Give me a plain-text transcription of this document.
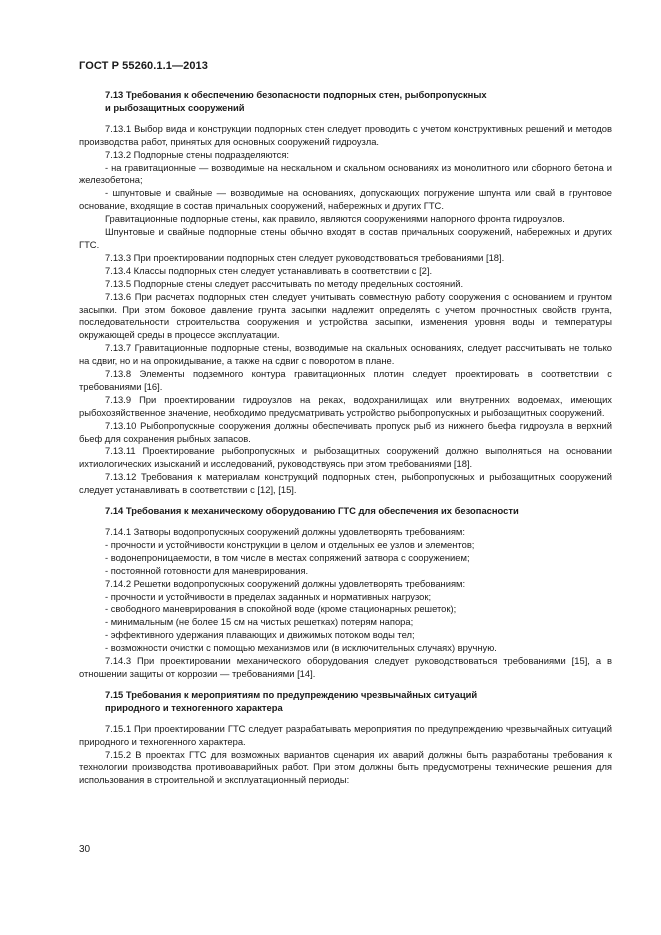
ГОСТ Р 55260.1.1—2013
7.13 Требования к обеспечению безопасности подпорных стен, рыбопропускных
и рыбозащитных сооружений

7.13.1 Выбор вида и конструкции подпорных стен следует проводить с учетом конструктивных решений и методов производства работ, принятых для основных сооружений гидроузла.

7.13.2 Подпорные стены подразделяются:

- на гравитационные — возводимые на нескальном и скальном основаниях из монолитного или сборного бетона и железобетона;

- шпунтовые и свайные — возводимые на основаниях, допускающих погружение шпунта или свай в грунтовое основание, входящие в состав причальных сооружений, набережных и других ГТС.

Гравитационные подпорные стены, как правило, являются сооружениями напорного фронта гидроузлов.

Шпунтовые и свайные подпорные стены обычно входят в состав причальных сооружений, набережных и других ГТС.

7.13.3 При проектировании подпорных стен следует руководствоваться требованиями [18].

7.13.4 Классы подпорных стен следует устанавливать в соответствии с [2].

7.13.5 Подпорные стены следует рассчитывать по методу предельных состояний.

7.13.6 При расчетах подпорных стен следует учитывать совместную работу сооружения с основанием и грунтом засыпки. При этом боковое давление грунта засыпки надлежит определять с учетом прочностных свойств грунта, последовательности строительства сооружения и устройства засыпки, изменения уровня воды и температуры окружающей среды в процессе эксплуатации.

7.13.7 Гравитационные подпорные стены, возводимые на скальных основаниях, следует рассчитывать не только на сдвиг, но и на опрокидывание, а также на сдвиг с поворотом в плане.

7.13.8 Элементы подземного контура гравитационных плотин следует проектировать в соответствии с требованиями [16].

7.13.9 При проектировании гидроузлов на реках, водохранилищах или внутренних водоемах, имеющих рыбохозяйственное значение, необходимо предусматривать устройство рыбопропускных и рыбозащитных сооружений.

7.13.10 Рыбопропускные сооружения должны обеспечивать пропуск рыб из нижнего бьефа гидроузла в верхний бьеф для сохранения рыбных запасов.

7.13.11 Проектирование рыбопропускных и рыбозащитных сооружений должно выполняться на основании ихтиологических изысканий и исследований, руководствуясь при этом требованиями [18].

7.13.12 Требования к материалам конструкций подпорных стен, рыбопропускных и рыбозащитных сооружений следует устанавливать в соответствии с [12], [15].

7.14 Требования к механическому оборудованию ГТС для обеспечения их безопасности

7.14.1 Затворы водопропускных сооружений должны удовлетворять требованиям:

- прочности и устойчивости конструкции в целом и отдельных ее узлов и элементов;

- водонепроницаемости, в том числе в местах сопряжений затвора с сооружением;

- постоянной готовности для маневрирования.

7.14.2 Решетки водопропускных сооружений должны удовлетворять требованиям:

- прочности и устойчивости в пределах заданных и нормативных нагрузок;

- свободного маневрирования в спокойной воде (кроме стационарных решеток);

- минимальным (не более 15 см на чистых решетках) потерям напора;

- эффективного удержания плавающих и движимых потоком воды тел;

- возможности очистки с помощью механизмов или (в исключительных случаях) вручную.

7.14.3 При проектировании механического оборудования следует руководствоваться требованиями [15], а в отношении защиты от коррозии — требованиями [14].

7.15 Требования к мероприятиям по предупреждению чрезвычайных ситуаций
природного и техногенного характера

7.15.1 При проектировании ГТС следует разрабатывать мероприятия по предупреждению чрезвычайных ситуаций природного и техногенного характера.

7.15.2 В проектах ГТС для возможных вариантов сценария их аварий должны быть разработаны требования к технологии производства противоаварийных работ. При этом должны быть предусмотрены технические решения для использования в строительной и эксплуатационный периоды:

30
